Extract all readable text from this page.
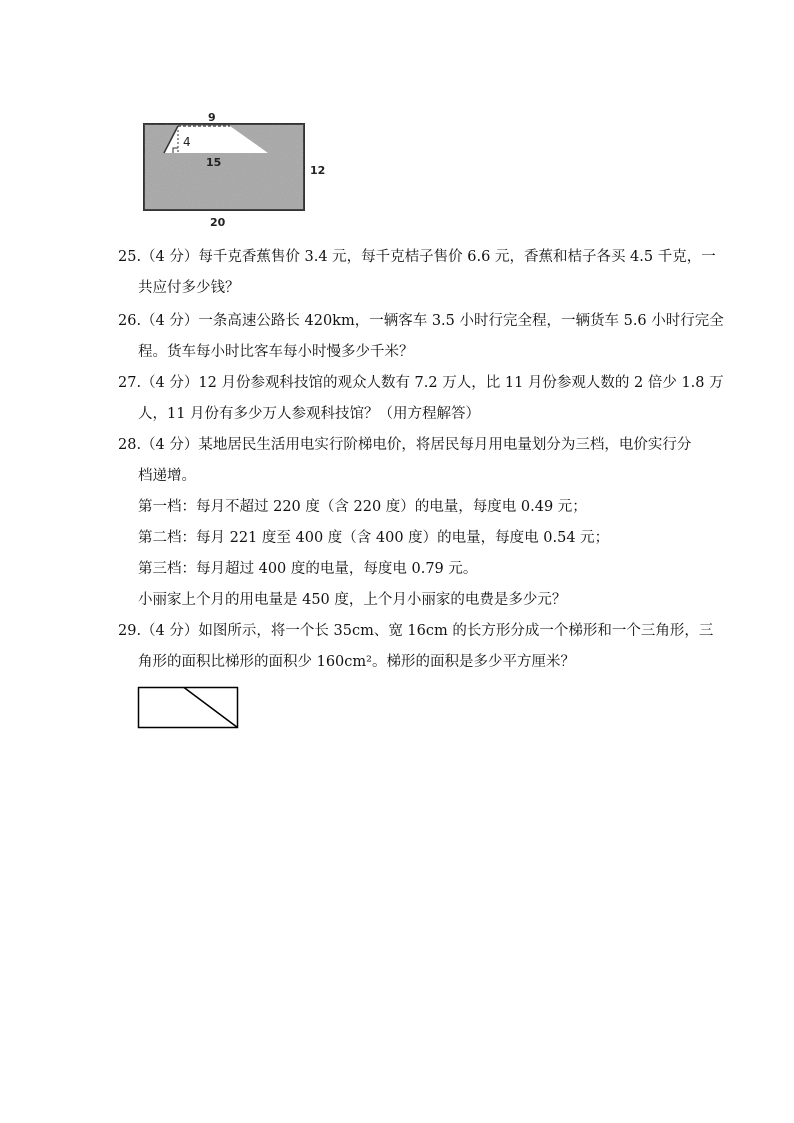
9
4
15
12
20
25.（4 分）每千克香蕉售价 3.4 元，每千克桔子售价 6.6 元，香蕉和桔子各买 4.5 千克，一
共应付多少钱？
26.（4 分）一条高速公路长 420km，一辆客车 3.5 小时行完全程，一辆货车 5.6 小时行完全
程。货车每小时比客车每小时慢多少千米？
27.（4 分）12 月份参观科技馆的观众人数有 7.2 万人，比 11 月份参观人数的 2 倍少 1.8 万
人，11 月份有多少万人参观科技馆？（用方程解答）
28.（4 分）某地居民生活用电实行阶梯电价，将居民每月用电量划分为三档，电价实行分
档递增。
第一档：每月不超过 220 度（含 220 度）的电量，每度电 0.49 元；
第二档：每月 221 度至 400 度（含 400 度）的电量，每度电 0.54 元；
第三档：每月超过 400 度的电量，每度电 0.79 元。
小丽家上个月的用电量是 450 度，上个月小丽家的电费是多少元？
29.（4 分）如图所示，将一个长 35cm、宽 16cm 的长方形分成一个梯形和一个三角形，三
角形的面积比梯形的面积少 160cm²。梯形的面积是多少平方厘米？
